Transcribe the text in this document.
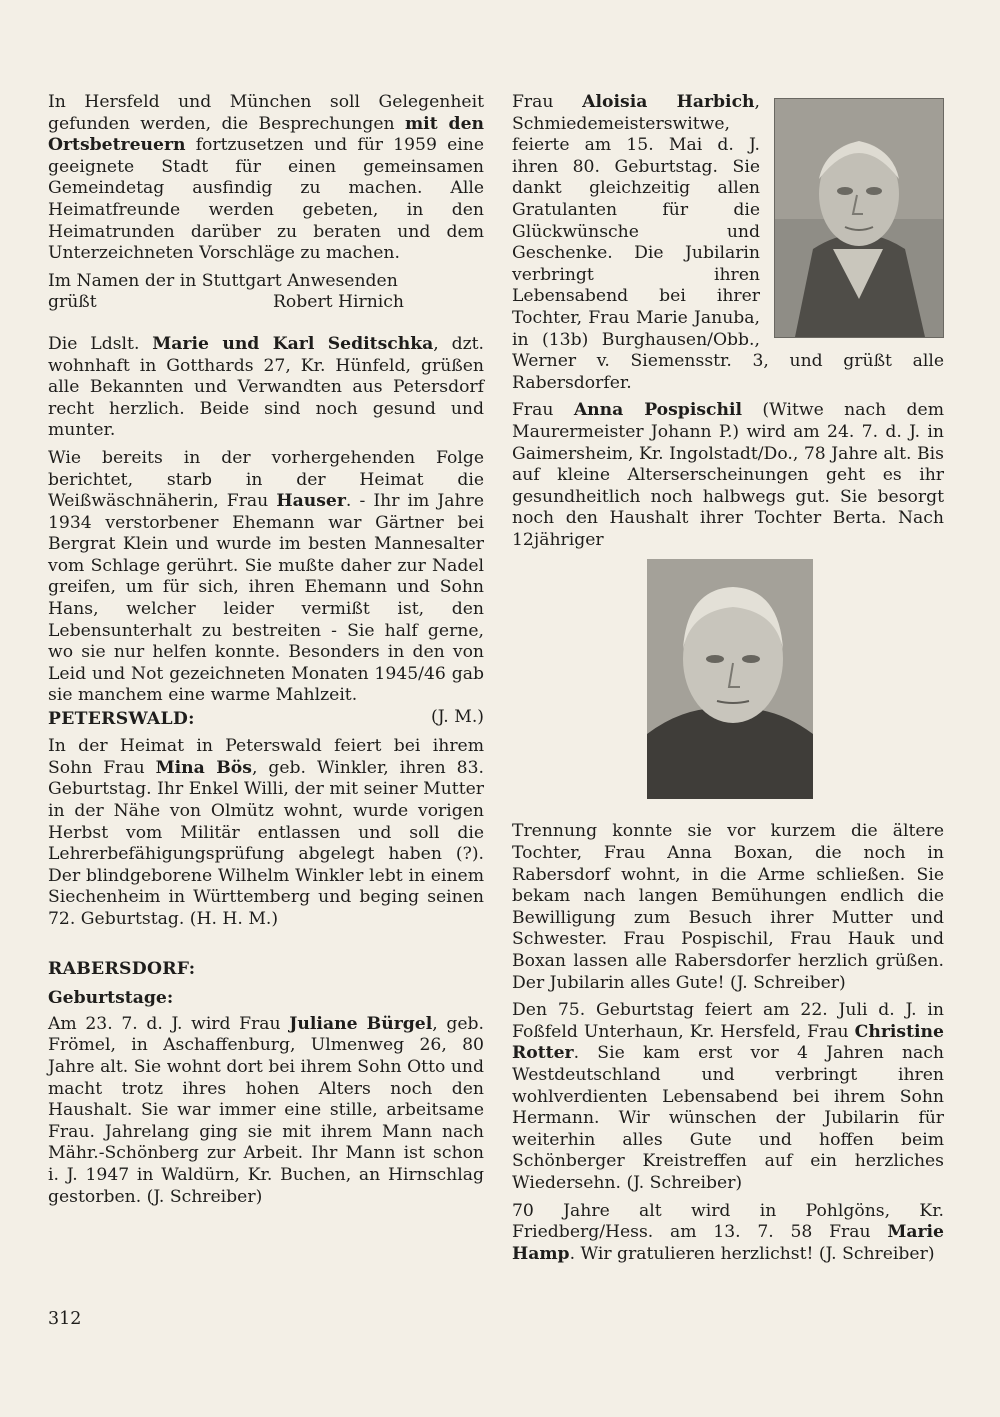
In Hersfeld und München soll Gelegenheit gefunden werden, die Besprechungen mit den Ortsbetreuern fortzusetzen und für 1959 eine geeignete Stadt für einen gemeinsamen Gemeindetag ausfindig zu machen. Alle Heimatfreunde werden gebeten, in den Heimatrunden darüber zu beraten und dem Unterzeichneten Vorschläge zu machen.

Im Namen der in Stuttgart Anwesenden

grüßt	Robert Hirnich

Die Ldslt. Marie und Karl Seditschka, dzt. wohnhaft in Gotthards 27, Kr. Hünfeld, grüßen alle Bekannten und Verwandten aus Petersdorf recht herzlich. Beide sind noch gesund und munter.

Wie bereits in der vorhergehenden Folge berichtet, starb in der Heimat die Weißwäschnäherin, Frau Hauser. - Ihr im Jahre 1934 verstorbener Ehemann war Gärtner bei Bergrat Klein und wurde im besten Mannesalter vom Schlage gerührt. Sie mußte daher zur Nadel greifen, um für sich, ihren Ehemann und Sohn Hans, welcher leider vermißt ist, den Lebensunterhalt zu bestreiten - Sie half gerne, wo sie nur helfen konnte. Besonders in den von Leid und Not gezeichneten Monaten 1945/46 gab sie manchem eine warme Mahlzeit.

(J. M.)

PETERSWALD:

In der Heimat in Peterswald feiert bei ihrem Sohn Frau Mina Bös, geb. Winkler, ihren 83. Geburtstag. Ihr Enkel Willi, der mit seiner Mutter in der Nähe von Olmütz wohnt, wurde vorigen Herbst vom Militär entlassen und soll die Lehrerbefähigungsprüfung abgelegt haben (?). Der blindgeborene Wilhelm Winkler lebt in einem Siechenheim in Württemberg und beging seinen 72. Geburtstag. (H. H. M.)

RABERSDORF:
Geburtstage:

Am 23. 7. d. J. wird Frau Juliane Bürgel, geb. Frömel, in Aschaffenburg, Ulmenweg 26, 80 Jahre alt. Sie wohnt dort bei ihrem Sohn Otto und macht trotz ihres hohen Alters noch den Haushalt. Sie war immer eine stille, arbeitsame Frau. Jahrelang ging sie mit ihrem Mann nach Mähr.-Schönberg zur Arbeit. Ihr Mann ist schon i. J. 1947 in Waldürn, Kr. Buchen, an Hirnschlag gestorben. (J. Schreiber)

Frau Aloisia Harbich, Schmiedemeisterswitwe, feierte am 15. Mai d. J. ihren 80. Geburtstag. Sie dankt gleichzeitig allen Gratulanten für die Glückwünsche und Geschenke. Die Jubilarin verbringt ihren Lebensabend bei ihrer Tochter, Frau Marie Januba, in (13b) Burghausen/Obb., Werner v. Siemensstr. 3, und grüßt alle Rabersdorfer.

Frau Anna Pospischil (Witwe nach dem Maurermeister Johann P.) wird am 24. 7. d. J. in Gaimersheim, Kr. Ingolstadt/Do., 78 Jahre alt. Bis auf kleine Alterserscheinungen geht es ihr gesundheitlich noch halbwegs gut. Sie besorgt noch den Haushalt ihrer Tochter Berta. Nach 12jähriger

Trennung konnte sie vor kurzem die ältere Tochter, Frau Anna Boxan, die noch in Rabersdorf wohnt, in die Arme schließen. Sie bekam nach langen Bemühungen endlich die Bewilligung zum Besuch ihrer Mutter und Schwester. Frau Pospischil, Frau Hauk und Boxan lassen alle Rabersdorfer herzlich grüßen. Der Jubilarin alles Gute! (J. Schreiber)

Den 75. Geburtstag feiert am 22. Juli d. J. in Foßfeld Unterhaun, Kr. Hersfeld, Frau Christine Rotter. Sie kam erst vor 4 Jahren nach Westdeutschland und verbringt ihren wohlverdienten Lebensabend bei ihrem Sohn Hermann. Wir wünschen der Jubilarin für weiterhin alles Gute und hoffen beim Schönberger Kreistreffen auf ein herzliches Wiedersehn. (J. Schreiber)

70 Jahre alt wird in Pohlgöns, Kr. Friedberg/Hess. am 13. 7. 58 Frau Marie Hamp. Wir gratulieren herzlichst! (J. Schreiber)

312
